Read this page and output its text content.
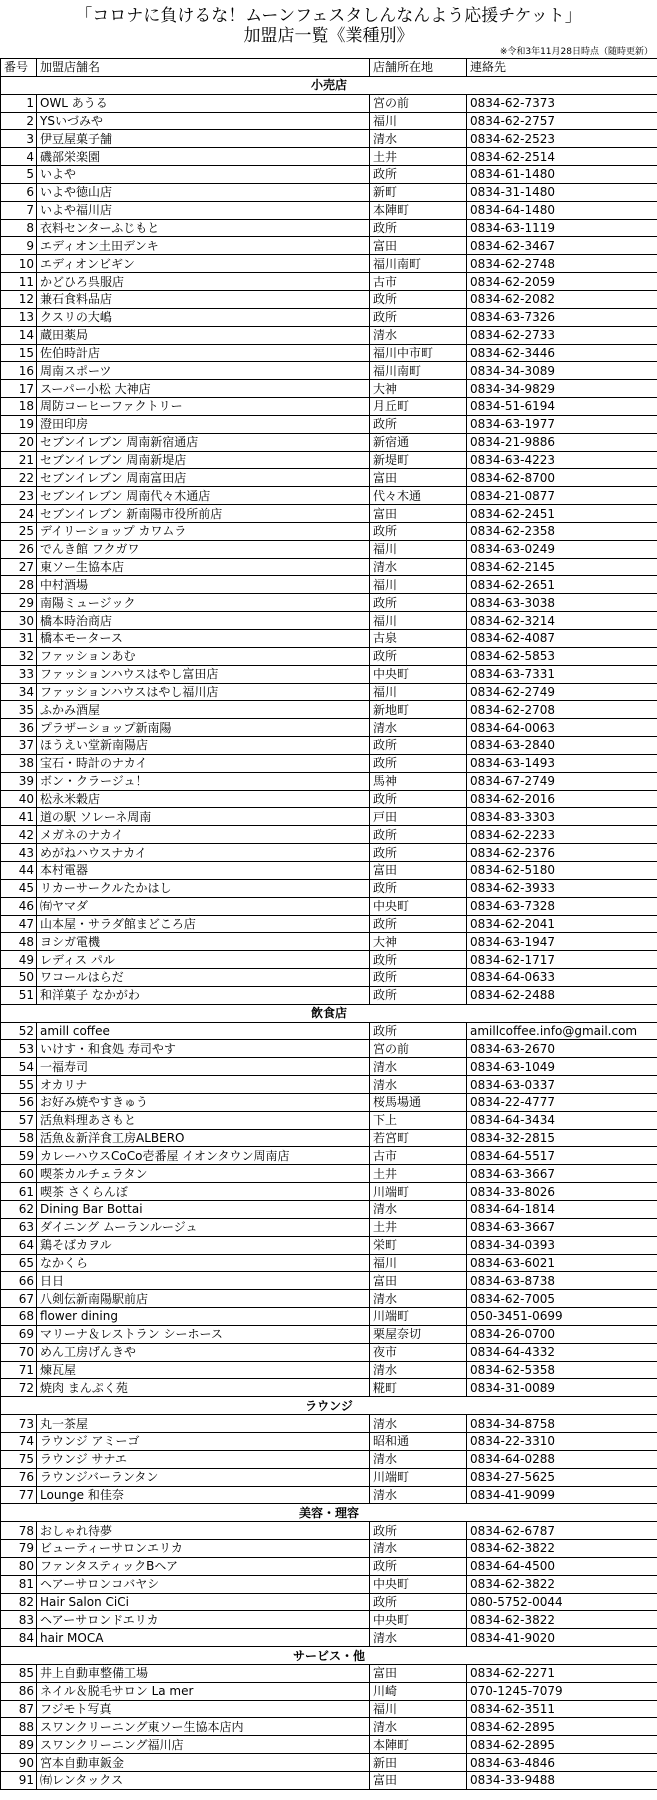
「コロナに負けるな！ムーンフェスタしんなんよう応援チケット」
加盟店一覧《業種別》
※令和3年11月28日時点（随時更新）
番号	加盟店舗名	店舗所在地	連絡先
小売店			
1	OWL あうる	宮の前	0834-62-7373
2	YSいづみや	福川	0834-62-2757
3	伊豆屋菓子舗	清水	0834-62-2523
4	磯部栄楽園	土井	0834-62-2514
5	いよや	政所	0834-61-1480
6	いよや徳山店	新町	0834-31-1480
7	いよや福川店	本陣町	0834-64-1480
8	衣料センターふじもと	政所	0834-63-1119
9	エディオン土田デンキ	富田	0834-62-3467
10	エディオンビギン	福川南町	0834-62-2748
11	かどひろ呉服店	古市	0834-62-2059
12	兼石食料品店	政所	0834-62-2082
13	クスリの大嶋	政所	0834-63-7326
14	蔵田薬局	清水	0834-62-2733
15	佐伯時計店	福川中市町	0834-62-3446
16	周南スポーツ	福川南町	0834-34-3089
17	スーパー小松 大神店	大神	0834-34-9829
18	周防コーヒーファクトリー	月丘町	0834-51-6194
19	澄田印房	政所	0834-63-1977
20	セブンイレブン 周南新宿通店	新宿通	0834-21-9886
21	セブンイレブン 周南新堤店	新堤町	0834-63-4223
22	セブンイレブン 周南富田店	富田	0834-62-8700
23	セブンイレブン 周南代々木通店	代々木通	0834-21-0877
24	セブンイレブン 新南陽市役所前店	富田	0834-62-2451
25	デイリーショップ カワムラ	政所	0834-62-2358
26	でんき館 フクガワ	福川	0834-63-0249
27	東ソー生協本店	清水	0834-62-2145
28	中村酒場	福川	0834-62-2651
29	南陽ミュージック	政所	0834-63-3038
30	橋本時治商店	福川	0834-62-3214
31	橋本モータース	古泉	0834-62-4087
32	ファッションあむ	政所	0834-62-5853
33	ファッションハウスはやし富田店	中央町	0834-63-7331
34	ファッションハウスはやし福川店	福川	0834-62-2749
35	ふかみ酒屋	新地町	0834-62-2708
36	プラザーショップ新南陽	清水	0834-64-0063
37	ほうえい堂新南陽店	政所	0834-63-2840
38	宝石・時計のナカイ	政所	0834-63-1493
39	ボン・クラージュ！	馬神	0834-67-2749
40	松永米穀店	政所	0834-62-2016
41	道の駅 ソレーネ周南	戸田	0834-83-3303
42	メガネのナカイ	政所	0834-62-2233
43	めがねハウスナカイ	政所	0834-62-2376
44	本村電器	富田	0834-62-5180
45	リカーサークルたかはし	政所	0834-62-3933
46	㈲ヤマダ	中央町	0834-63-7328
47	山本屋・サラダ館まどころ店	政所	0834-62-2041
48	ヨシガ電機	大神	0834-63-1947
49	レディス パル	政所	0834-62-1717
50	ワコールはらだ	政所	0834-64-0633
51	和洋菓子 なかがわ	政所	0834-62-2488
飲食店			
52	amill coffee	政所	amillcoffee.info@gmail.com
53	いけす・和食処 寿司やす	宮の前	0834-63-2670
54	一福寿司	清水	0834-63-1049
55	オカリナ	清水	0834-63-0337
56	お好み焼やすきゅう	桜馬場通	0834-22-4777
57	活魚料理あさもと	下上	0834-64-3434
58	活魚＆新洋食工房ALBERO	若宮町	0834-32-2815
59	カレーハウスCoCo壱番屋 イオンタウン周南店	古市	0834-64-5517
60	喫茶カルチェラタン	土井	0834-63-3667
61	喫茶 さくらんぼ	川端町	0834-33-8026
62	Dining Bar Bottai	清水	0834-64-1814
63	ダイニング ムーランルージュ	土井	0834-63-3667
64	鶏そばカヲル	栄町	0834-34-0393
65	なかくら	福川	0834-63-6021
66	日日	富田	0834-63-8738
67	八剣伝新南陽駅前店	清水	0834-62-7005
68	flower dining	川端町	050-3451-0699
69	マリーナ＆レストラン シーホース	栗屋奈切	0834-26-0700
70	めん工房げんきや	夜市	0834-64-4332
71	煉瓦屋	清水	0834-62-5358
72	焼肉 まんぷく苑	糀町	0834-31-0089
ラウンジ			
73	丸一茶屋	清水	0834-34-8758
74	ラウンジ アミーゴ	昭和通	0834-22-3310
75	ラウンジ サナエ	清水	0834-64-0288
76	ラウンジバーランタン	川端町	0834-27-5625
77	Lounge 和佳奈	清水	0834-41-9099
美容・理容			
78	おしゃれ待夢	政所	0834-62-6787
79	ビューティーサロンエリカ	清水	0834-62-3822
80	ファンタスティックBヘア	政所	0834-64-4500
81	ヘアーサロンコバヤシ	中央町	0834-62-3822
82	Hair Salon CiCi	政所	080-5752-0044
83	ヘアーサロンドエリカ	中央町	0834-62-3822
84	hair MOCA	清水	0834-41-9020
サービス・他			
85	井上自動車整備工場	富田	0834-62-2271
86	ネイル＆脱毛サロン La mer	川崎	070-1245-7079
87	フジモト写真	福川	0834-62-3511
88	スワンクリーニング東ソー生協本店内	清水	0834-62-2895
89	スワンクリーニング福川店	本陣町	0834-62-2895
90	宮本自動車鈑金	新田	0834-63-4846
91	㈲レンタックス	富田	0834-33-9488
